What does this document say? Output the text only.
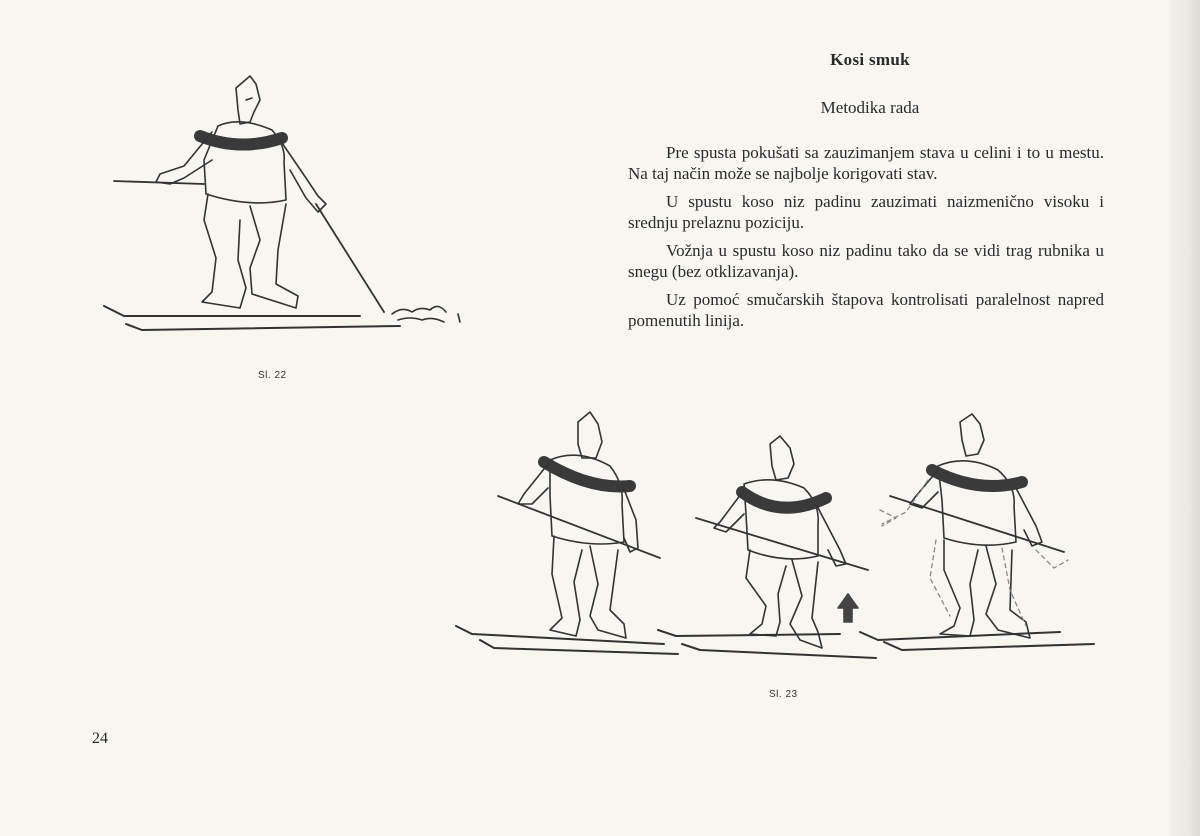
Kosi smuk
Metodika rada

Pre spusta pokušati sa zauzimanjem stava u celini i to u mestu. Na taj način može se najbolje korigovati stav.

U spustu koso niz padinu zauzimati naizmenično visoku i srednju prelaznu poziciju.

Vožnja u spustu koso niz padinu tako da se vidi trag rubnika u snegu (bez otklizavanja).

Uz pomoć smučarskih štapova kontrolisati paralelnost napred pomenutih linija.

Sl. 22
Sl. 23
24
